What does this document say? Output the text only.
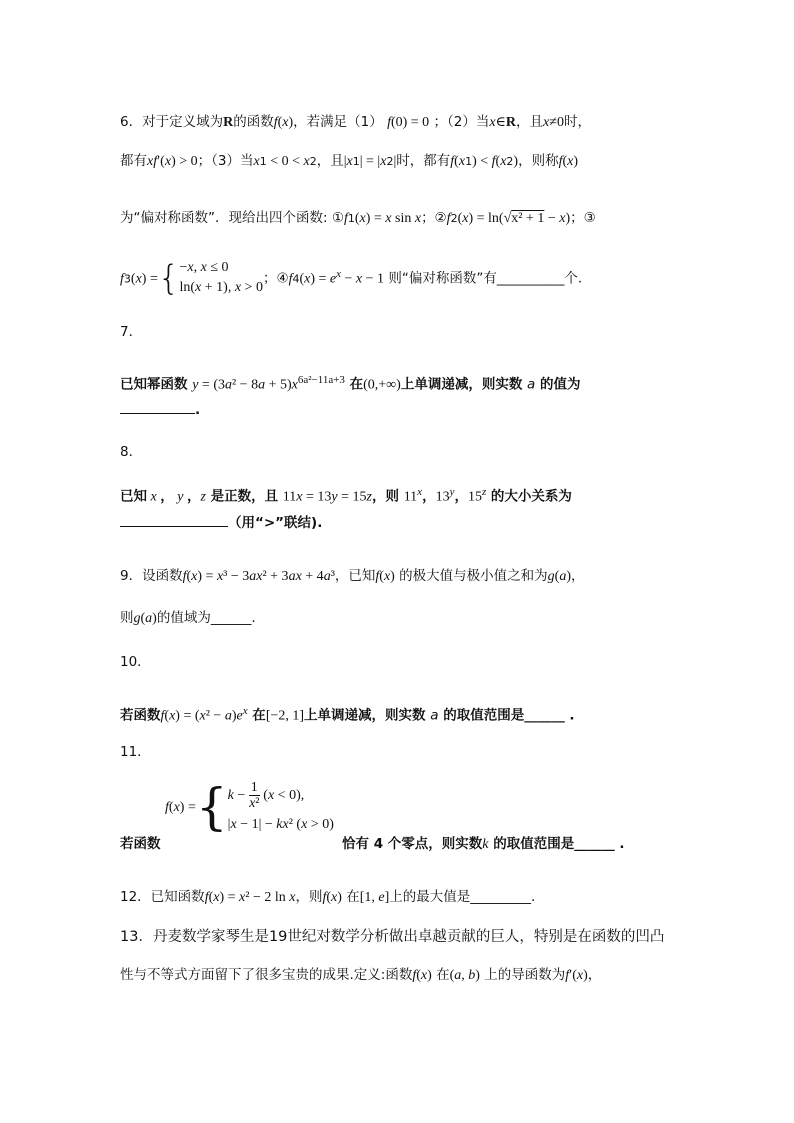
6．对于定义域为R的函数f(x)，若满足（1） f(0) = 0 ；（2）当x∈R，且x≠0时，
都有xf′(x) > 0；（3）当x1 < 0 < x2，且|x1| = |x2|时，都有f(x1) < f(x2)，则称f(x)
为“偏对称函数”．现给出四个函数: ①f1(x) = x sin x；②f2(x) = ln(√x² + 1 − x)；③
f3(x) ={ −x, x ≤ 0
ln(x + 1), x > 0
；④f4(x) = $e^x - x - 1$ 则“偏对称函数”有__________个.
7．
已知幂函数 $y = (3a^2 - 8a + 5)x^{6a^2-11a+3}$ 在(0,+∞)上单调递减，则实数 a 的值为
.
8．
已知 x ， y ，z 是正数，且 11x = 13y = 15z，则 11$^x$，13$^y$，15$^z$ 的大小关系为
（用“>”联结).
9．设函数f(x) = x³ − 3ax² + 3ax + 4a³，已知f(x) 的极大值与极小值之和为g(a)，
则g(a)的值域为______.
10．
若函数$f(x) = (x^2 - a)e^x$ 在[−2, 1]上单调递减，则实数 a 的取值范围是______ .
11．
f(x) ={ $k - \frac{1}{\text{x²}} (x < 0)$,
|x − 1| − kx² (x > 0)
若函数	恰有 4 个零点，则实数k 的取值范围是______ .
12．已知函数f(x) = x² − 2 ln x，则f(x) 在[1, e]上的最大值是_________.
13．丹麦数学家琴生是19世纪对数学分析做出卓越贡献的巨人，特别是在函数的凹凸
性与不等式方面留下了很多宝贵的成果.定义:函数f(x) 在(a, b) 上的导函数为f′(x)，
